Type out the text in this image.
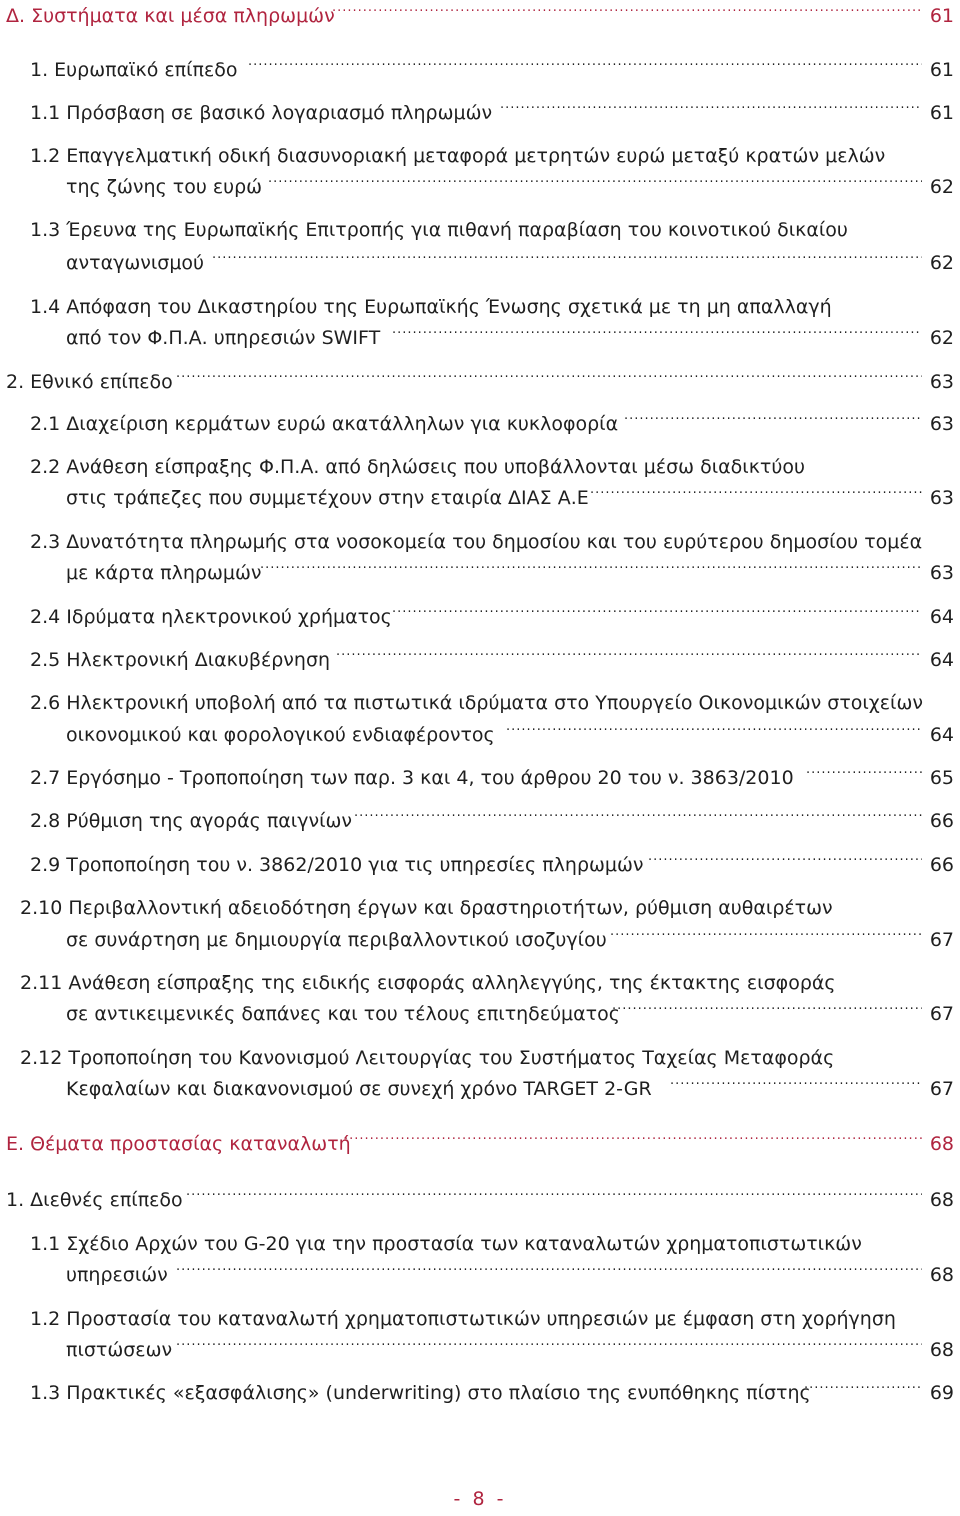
Δ. Συστήματα και μέσα πληρωμών .....	61
1. Ευρωπαϊκό επίπεδο .....	61
1.1 Πρόσβαση σε βασικό λογαριασμό πληρωμών .....	61
1.2 Επαγγελματική οδική διασυνοριακή μεταφορά μετρητών ευρώ μεταξύ κρατών μελών
της ζώνης του ευρώ .....	62
1.3 Έρευνα της Ευρωπαϊκής Επιτροπής για πιθανή παραβίαση του κοινοτικού δικαίου
ανταγωνισμού .....	62
1.4 Απόφαση του Δικαστηρίου της Ευρωπαϊκής Ένωσης σχετικά με τη μη απαλλαγή
από τον Φ.Π.Α. υπηρεσιών SWIFT .....	62
2. Εθνικό επίπεδο .....	63
2.1 Διαχείριση κερμάτων ευρώ ακατάλληλων για κυκλοφορία .....	63
2.2 Ανάθεση είσπραξης Φ.Π.Α. από δηλώσεις που υποβάλλονται μέσω διαδικτύου
στις τράπεζες που συμμετέχουν στην εταιρία ΔΙΑΣ Α.Ε .....	63
2.3 Δυνατότητα πληρωμής στα νοσοκομεία του δημοσίου και του ευρύτερου δημοσίου τομέα
με κάρτα πληρωμών .....	63
2.4 Ιδρύματα ηλεκτρονικού χρήματος .....	64
2.5 Ηλεκτρονική Διακυβέρνηση .....	64
2.6 Ηλεκτρονική υποβολή από τα πιστωτικά ιδρύματα στο Υπουργείο Οικονομικών στοιχείων
οικονομικού και φορολογικού ενδιαφέροντος .....	64
2.7 Εργόσημο - Τροποποίηση των παρ. 3 και 4, του άρθρου 20 του ν. 3863/2010 .....	65
2.8 Ρύθμιση της αγοράς παιγνίων .....	66
2.9 Τροποποίηση του ν. 3862/2010 για τις υπηρεσίες πληρωμών .....	66
2.10 Περιβαλλοντική αδειοδότηση έργων και δραστηριοτήτων, ρύθμιση αυθαιρέτων
σε συνάρτηση με δημιουργία περιβαλλοντικού ισοζυγίου .....	67
2.11 Ανάθεση είσπραξης της ειδικής εισφοράς αλληλεγγύης, της έκτακτης εισφοράς
σε αντικειμενικές δαπάνες και του τέλους επιτηδεύματος .....	67
2.12 Τροποποίηση του Κανονισμού Λειτουργίας του Συστήματος Ταχείας Μεταφοράς
Κεφαλαίων και διακανονισμού σε συνεχή χρόνο TARGET 2-GR .....	67
Ε. Θέματα προστασίας καταναλωτή .....	68
1. Διεθνές επίπεδο .....	68
1.1 Σχέδιο Αρχών του G-20 για την προστασία των καταναλωτών χρηματοπιστωτικών
υπηρεσιών .....	68
1.2 Προστασία του καταναλωτή χρηματοπιστωτικών υπηρεσιών με έμφαση στη χορήγηση
πιστώσεων .....	68
1.3 Πρακτικές «εξασφάλισης» (underwriting) στο πλαίσιο της ενυπόθηκης πίστης .....	69
- 8 -
